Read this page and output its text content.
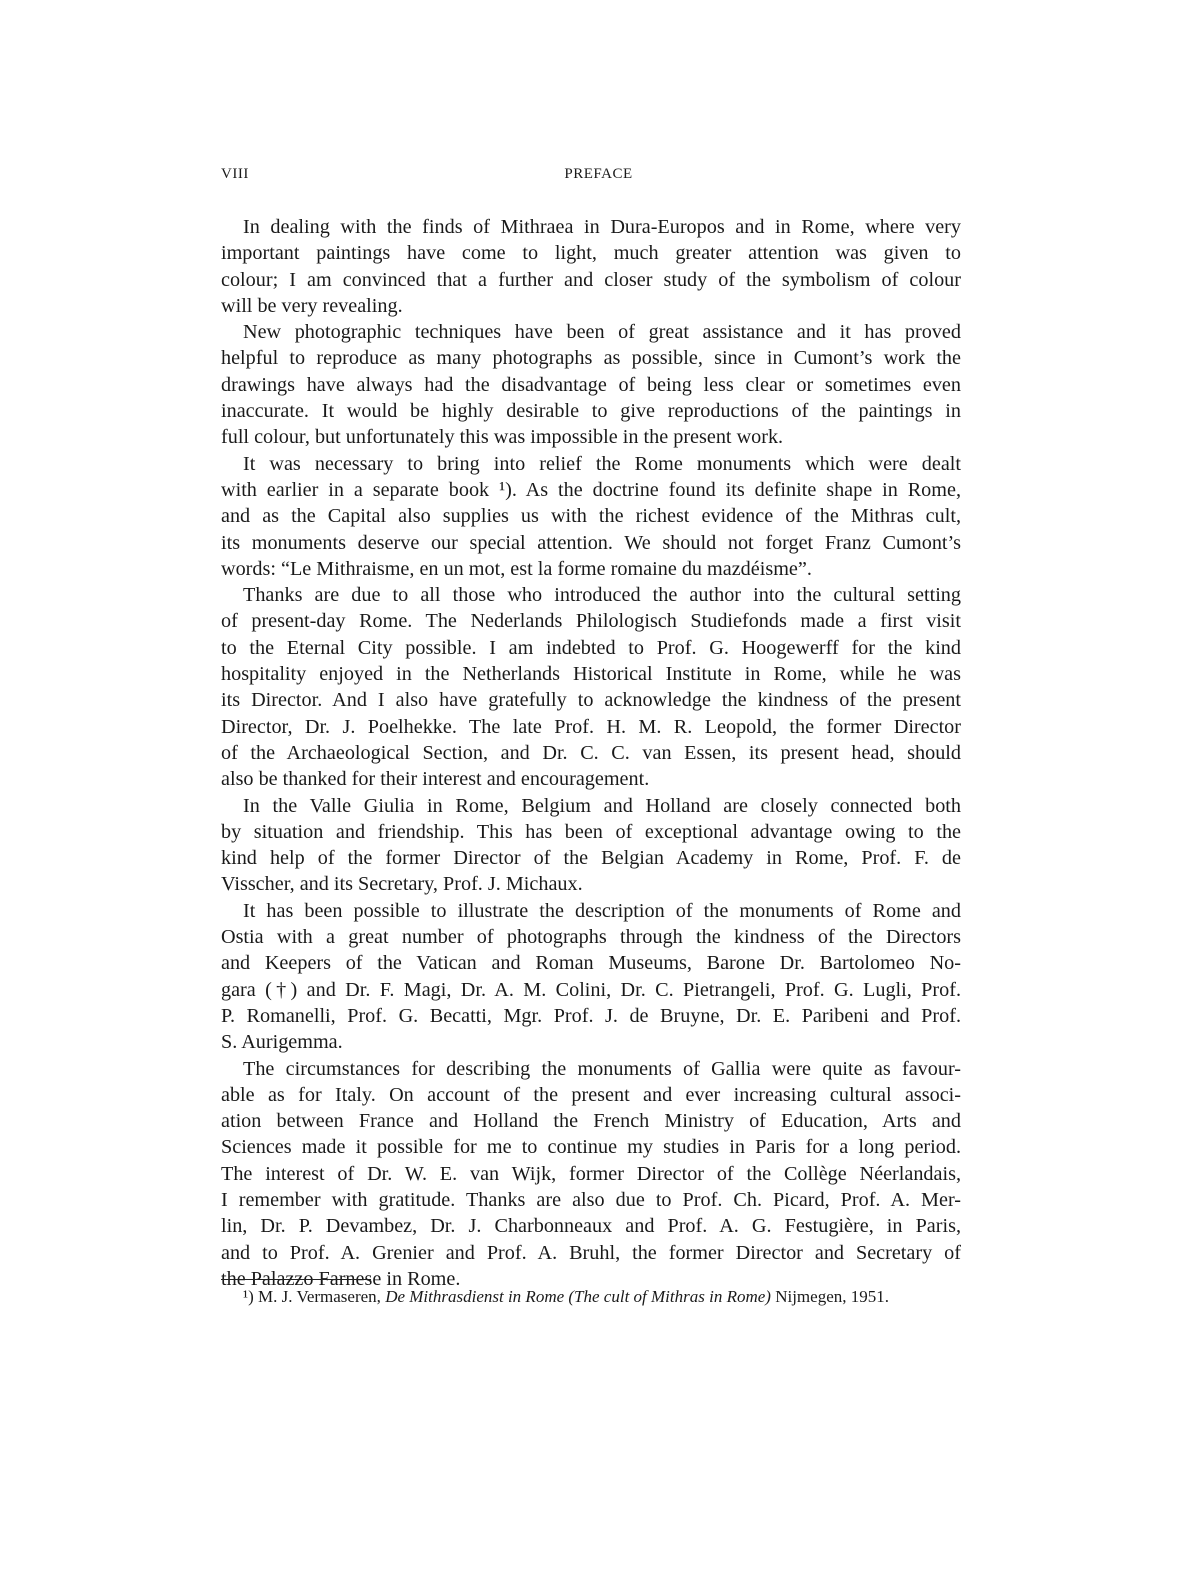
VIII	PREFACE
In dealing with the finds of Mithraea in Dura-Europos and in Rome, where very
important paintings have come to light, much greater attention was given to
colour; I am convinced that a further and closer study of the symbolism of colour
will be very revealing.
New photographic techniques have been of great assistance and it has proved
helpful to reproduce as many photographs as possible, since in Cumont’s work the
drawings have always had the disadvantage of being less clear or sometimes even
inaccurate. It would be highly desirable to give reproductions of the paintings in
full colour, but unfortunately this was impossible in the present work.
It was necessary to bring into relief the Rome monuments which were dealt
with earlier in a separate book ¹). As the doctrine found its definite shape in Rome,
and as the Capital also supplies us with the richest evidence of the Mithras cult,
its monuments deserve our special attention. We should not forget Franz Cumont’s
words: “Le Mithraisme, en un mot, est la forme romaine du mazdéisme”.
Thanks are due to all those who introduced the author into the cultural setting
of present-day Rome. The Nederlands Philologisch Studiefonds made a first visit
to the Eternal City possible. I am indebted to Prof. G. Hoogewerff for the kind
hospitality enjoyed in the Netherlands Historical Institute in Rome, while he was
its Director. And I also have gratefully to acknowledge the kindness of the present
Director, Dr. J. Poelhekke. The late Prof. H. M. R. Leopold, the former Director
of the Archaeological Section, and Dr. C. C. van Essen, its present head, should
also be thanked for their interest and encouragement.
In the Valle Giulia in Rome, Belgium and Holland are closely connected both
by situation and friendship. This has been of exceptional advantage owing to the
kind help of the former Director of the Belgian Academy in Rome, Prof. F. de
Visscher, and its Secretary, Prof. J. Michaux.
It has been possible to illustrate the description of the monuments of Rome and
Ostia with a great number of photographs through the kindness of the Directors
and Keepers of the Vatican and Roman Museums, Barone Dr. Bartolomeo No-
gara (†) and Dr. F. Magi, Dr. A. M. Colini, Dr. C. Pietrangeli, Prof. G. Lugli, Prof.
P. Romanelli, Prof. G. Becatti, Mgr. Prof. J. de Bruyne, Dr. E. Paribeni and Prof.
S. Aurigemma.
The circumstances for describing the monuments of Gallia were quite as favour-
able as for Italy. On account of the present and ever increasing cultural associ-
ation between France and Holland the French Ministry of Education, Arts and
Sciences made it possible for me to continue my studies in Paris for a long period.
The interest of Dr. W. E. van Wijk, former Director of the Collège Néerlandais,
I remember with gratitude. Thanks are also due to Prof. Ch. Picard, Prof. A. Mer-
lin, Dr. P. Devambez, Dr. J. Charbonneaux and Prof. A. G. Festugière, in Paris,
and to Prof. A. Grenier and Prof. A. Bruhl, the former Director and Secretary of
the Palazzo Farnese in Rome.
¹) M. J. Vermaseren, De Mithrasdienst in Rome (The cult of Mithras in Rome) Nijmegen, 1951.
